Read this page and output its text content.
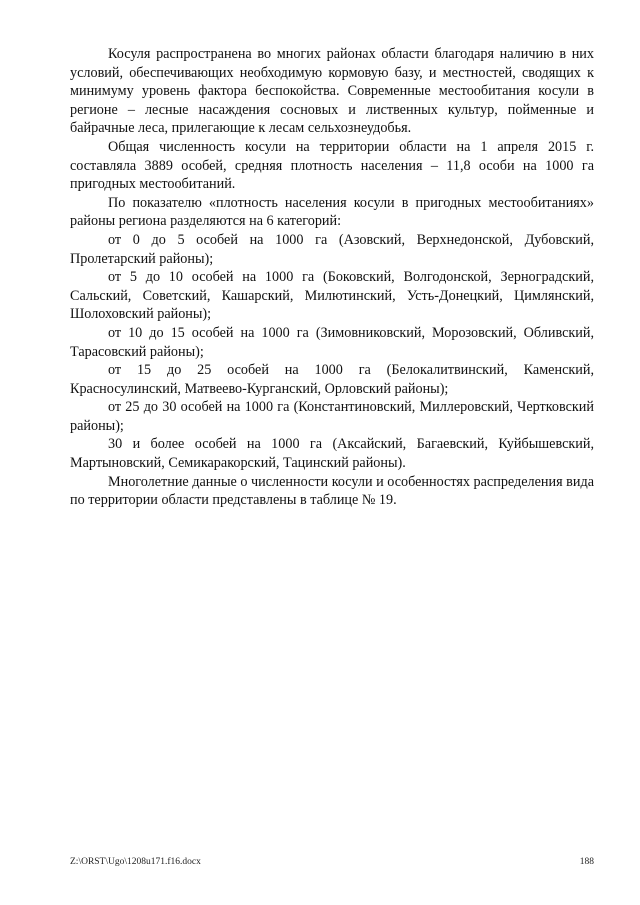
Косуля распространена во многих районах области благодаря наличию в них условий, обеспечивающих необходимую кормовую базу, и местностей, сводящих к минимуму уровень фактора беспокойства. Современные местообитания косули в регионе – лесные насаждения сосновых и лиственных культур, пойменные и байрачные леса, прилегающие к лесам сельхознеудобья.

Общая численность косули на территории области на 1 апреля 2015 г. составляла 3889 особей, средняя плотность населения – 11,8 особи на 1000 га пригодных местообитаний.

По показателю «плотность населения косули в пригодных местообитаниях» районы региона разделяются на 6 категорий:

от 0 до 5 особей на 1000 га (Азовский, Верхнедонской, Дубовский, Пролетарский районы);

от 5 до 10 особей на 1000 га (Боковский, Волгодонской, Зерноградский, Сальский, Советский, Кашарский, Милютинский, Усть-Донецкий, Цимлянский, Шолоховский районы);

от 10 до 15 особей на 1000 га (Зимовниковский, Морозовский, Обливский, Тарасовский районы);

от 15 до 25 особей на 1000 га (Белокалитвинский, Каменский, Красносулинский, Матвеево-Курганский, Орловский районы);

от 25 до 30 особей на 1000 га (Константиновский, Миллеровский, Чертковский районы);

30 и более особей на 1000 га (Аксайский, Багаевский, Куйбышевский, Мартыновский, Семикаракорский, Тацинский районы).

Многолетние данные о численности косули и особенностях распределения вида по территории области представлены в таблице № 19.

Z:\ORST\Ugo\1208u171.f16.docx	188
